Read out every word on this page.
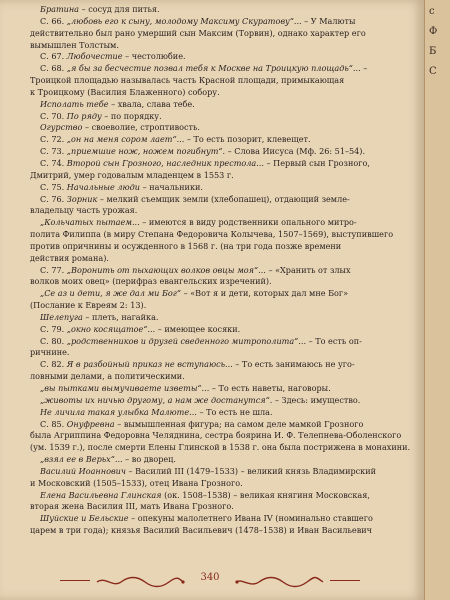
Братина – сосуд для питья.

С. 66. „любовь его к сыну, молодому Максиму Скуратову“... – У Малюты

действительно был рано умерший сын Максим (Торвин), однако характер его

вымышлен Толстым.

С. 67. Любочестие – честолюбие.

С. 68. „я бы за бесчестие позвал тебя к Москве на Троицкую площадь“... –

Троицкой площадью называлась часть Красной площади, примыкающая

к Троицкому (Василия Блаженного) собору.

Исполать тебе – хвала, слава тебе.

С. 70. По ряду – по порядку.

Огурство – своеволие, строптивость.

С. 72. „он на меня сором лает“... – То есть позорит, клевещет.

С. 73. „приемшие нож, ножем погибнут“. – Слова Иисуса (Мф. 26: 51–54).

С. 74. Второй сын Грозного, наследник престола... – Первый сын Грозного,

Дмитрий, умер годовалым младенцем в 1553 г.

С. 75. Начальные люди – начальники.

С. 76. Зорник – мелкий съемщик земли (хлебопашец), отдающий земле-

владельцу часть урожая.

„Кольчатых пытаем... – имеются в виду родственники опального митро-

полита Филиппа (в миру Степана Федоровича Колычева, 1507–1569), выступившего

против опричнины и осужденного в 1568 г. (на три года позже времени

действия романа).

С. 77. „Воронить от пыхающих волков овцы моя“... – «Хранить от злых

волков моих овец» (перифраз евангельских изречений).

„Се аз и дети, я же дал ми Бог“ – «Вот я и дети, которых дал мне Бог»

(Послание к Евреям 2: 13).

Шелепуга – плеть, нагайка.

С. 79. „окно косящатое“... – имеющее косяки.

С. 80. „родственников и друзей сведенного митрополита“... – То есть оп-

ричнине.

С. 82. Я в разбойный приказ не вступаюсь... – То есть занимаюсь не уго-

ловными делами, а политическими.

„вы пытками вымучиваете изветы“... – То есть наветы, наговоры.

„животы их ничью другому, а нам же достанутся“. – Здесь: имущество.

Не личила такая улыбка Малюте... – То есть не шла.

С. 85. Онуфревна – вымышленная фигура; на самом деле мамкой Грозного

была Агриппина Федоровна Челяднина, сестра боярина И. Ф. Телепнева-Оболенского

(ум. 1539 г.), после смерти Елены Глинской в 1538 г. она была пострижена в монахини.

„взял ее в Верьх“... – во дворец.

Василий Иоаннович – Василий III (1479–1533) – великий князь Владимирский

и Московский (1505–1533), отец Ивана Грозного.

Елена Васильевна Глинская (ок. 1508–1538) – великая княгиня Московская,

вторая жена Василия III, мать Ивана Грозного.

Шуйские и Бельские – опекуны малолетнего Ивана IV (номинально ставшего

царем в три года); князья Василий Васильевич (1478–1538) и Иван Васильевич

340
с
Ф
Б
С
